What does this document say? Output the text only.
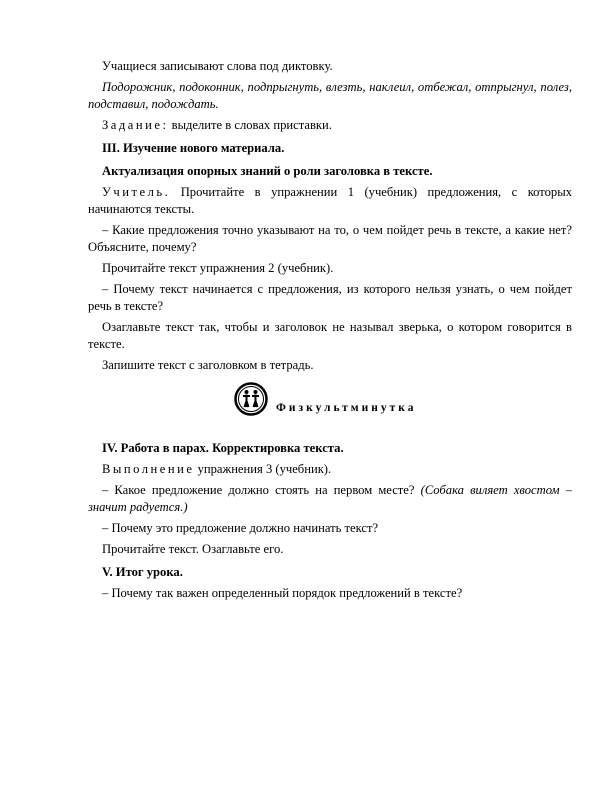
Учащиеся записывают слова под диктовку.

Подорожник, подоконник, подпрыгнуть, влезть, наклеил, отбежал, отпрыгнул, полез, подставил, подождать.

Задание: выделите в словах приставки.

III. Изучение нового материала.

Актуализация опорных знаний о роли заголовка в тексте.

Учитель. Прочитайте в упражнении 1 (учебник) предложения, с которых начинаются тексты.

– Какие предложения точно указывают на то, о чем пойдет речь в тексте, а какие нет? Объясните, почему?

Прочитайте текст упражнения 2 (учебник).

– Почему текст начинается с предложения, из которого нельзя узнать, о чем пойдет речь в тексте?

Озаглавьте текст так, чтобы и заголовок не называл зверька, о котором говорится в тексте.

Запишите текст с заголовком в тетрадь.

Физкультминутка

IV. Работа в парах. Корректировка текста.

Выполнение упражнения 3 (учебник).

– Какое предложение должно стоять на первом месте? (Собака виляет хвостом – значит радуется.)

– Почему это предложение должно начинать текст?

Прочитайте текст. Озаглавьте его.

V. Итог урока.

– Почему так важен определенный порядок предложений в тексте?
